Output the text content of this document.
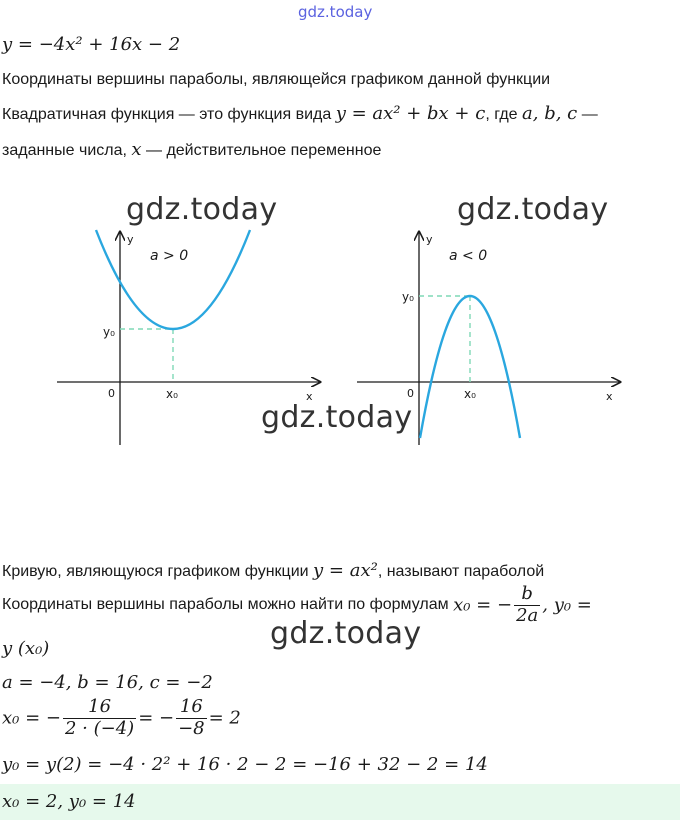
gdz.today
y = −4x² + 16x − 2
Координаты вершины параболы, являющейся графиком данной функции
Квадратичная функция — это функция вида y = ax² + bx + c, где a, b, c —
заданные числа, x — действительное переменное
y
x
0
y₀
x₀
a > 0
y
x
0
y₀
x₀
a < 0
gdz.today	gdz.today
gdz.today
Кривую, являющуюся графиком функции y = ax², называют параболой
Координаты вершины параболы можно найти по формулам x₀ = − $\frac{b}{2a}$ , y₀ =
y (x₀)	gdz.today
a = −4, b = 16, c = −2
x₀ = − $\frac{16}{2 \cdot (-4)}$ = − $\frac{16}{-8} = 2$
y₀ = y(2) = −4 · 2² + 16 · 2 − 2 = −16 + 32 − 2 = 14
x₀ = 2, y₀ = 14
